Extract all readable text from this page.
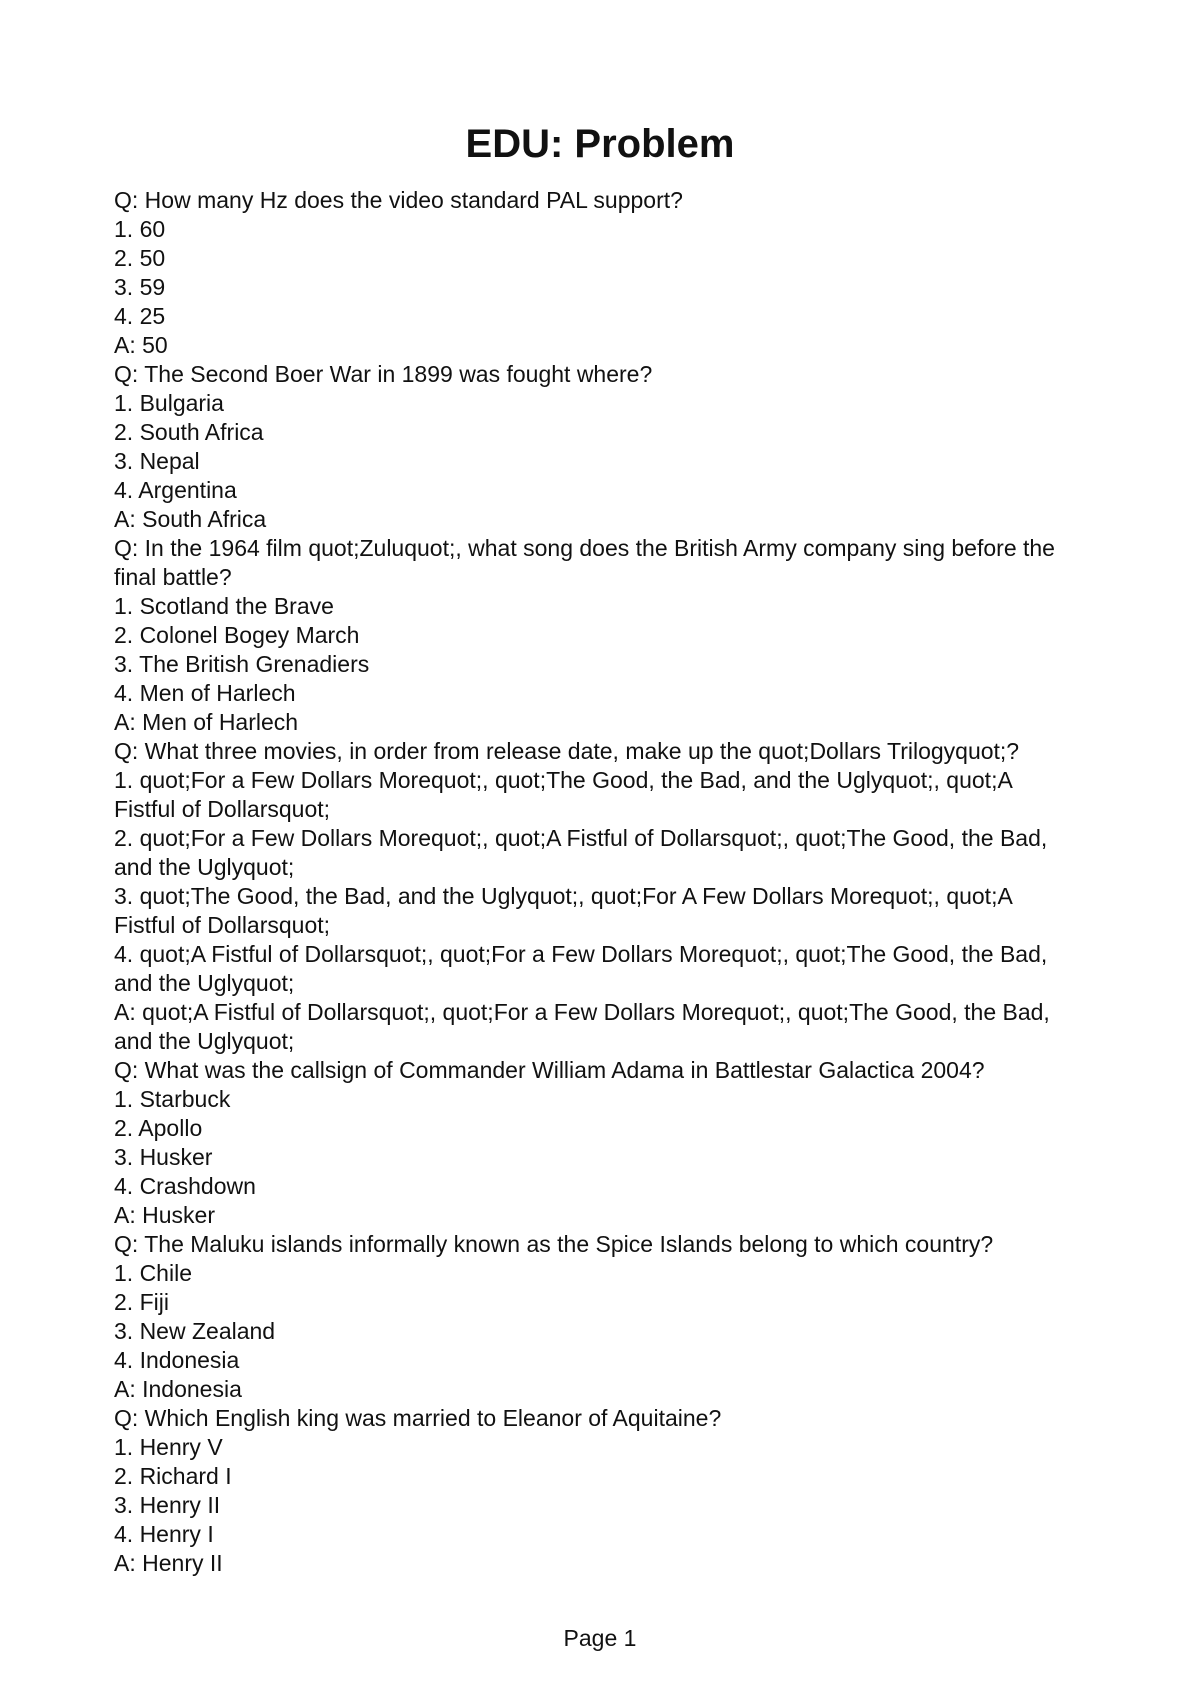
EDU: Problem

Q: How many Hz does the video standard PAL support?

1. 60

2. 50

3. 59

4. 25

A: 50

Q: The Second Boer War in 1899 was fought where?

1. Bulgaria

2. South Africa

3. Nepal

4. Argentina

A: South Africa

Q: In the 1964 film quot;Zuluquot;, what song does the British Army company sing before the final battle?

1. Scotland the Brave

2. Colonel Bogey March

3. The British Grenadiers

4. Men of Harlech

A: Men of Harlech

Q: What three movies, in order from release date, make up the quot;Dollars Trilogyquot;?

1. quot;For a Few Dollars Morequot;, quot;The Good, the Bad, and the Uglyquot;, quot;A Fistful of Dollarsquot;

2. quot;For a Few Dollars Morequot;, quot;A Fistful of Dollarsquot;, quot;The Good, the Bad, and the Uglyquot;

3. quot;The Good, the Bad, and the Uglyquot;, quot;For A Few Dollars Morequot;, quot;A Fistful of Dollarsquot;

4. quot;A Fistful of Dollarsquot;, quot;For a Few Dollars Morequot;, quot;The Good, the Bad, and the Uglyquot;

A: quot;A Fistful of Dollarsquot;, quot;For a Few Dollars Morequot;, quot;The Good, the Bad, and the Uglyquot;

Q: What was the callsign of Commander William Adama in Battlestar Galactica 2004?

1. Starbuck

2. Apollo

3. Husker

4. Crashdown

A: Husker

Q: The Maluku islands informally known as the Spice Islands belong to which country?

1. Chile

2. Fiji

3. New Zealand

4. Indonesia

A: Indonesia

Q: Which English king was married to Eleanor of Aquitaine?

1. Henry V

2. Richard I

3. Henry II

4. Henry I

A: Henry II

Page 1
